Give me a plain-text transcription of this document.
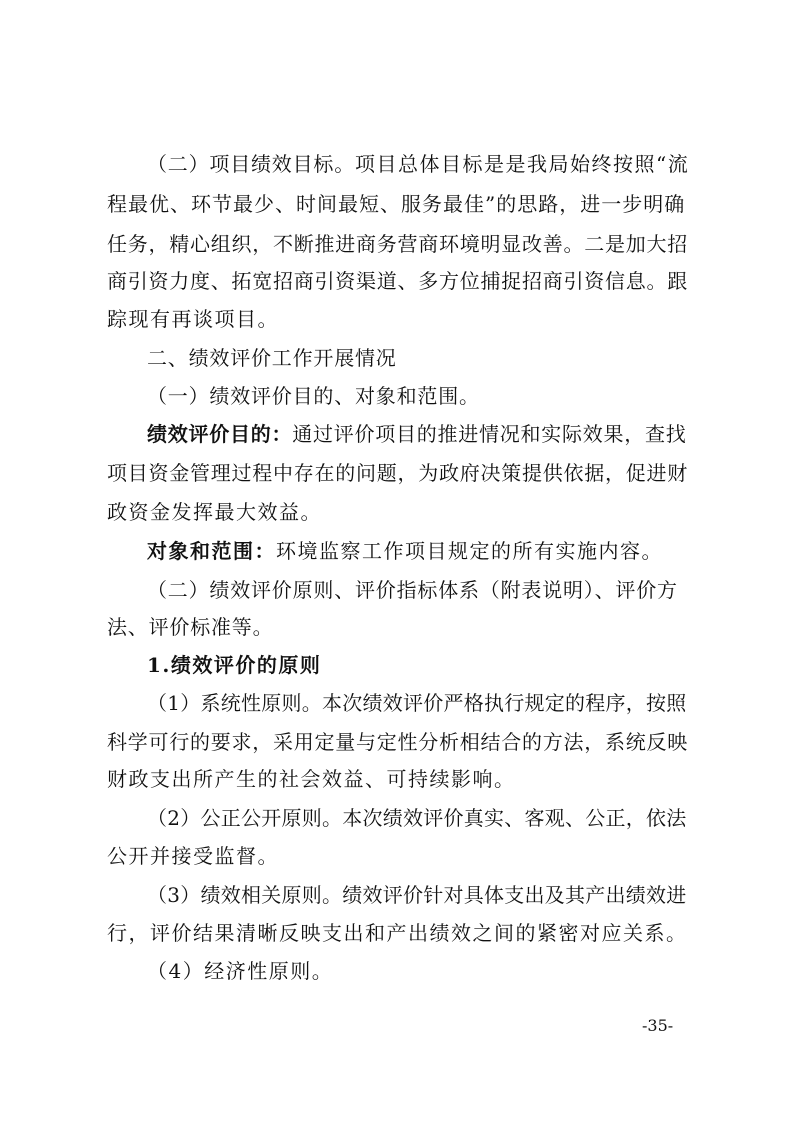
（二）项目绩效目标。项目总体目标是是我局始终按照“流
程最优、环节最少、时间最短、服务最佳”的思路，进一步明确
任务，精心组织，不断推进商务营商环境明显改善。二是加大招
商引资力度、拓宽招商引资渠道、多方位捕捉招商引资信息。跟
踪现有再谈项目。
二、绩效评价工作开展情况
（一）绩效评价目的、对象和范围。
绩效评价目的：通过评价项目的推进情况和实际效果，查找
项目资金管理过程中存在的问题，为政府决策提供依据，促进财
政资金发挥最大效益。
对象和范围：环境监察工作项目规定的所有实施内容。
（二）绩效评价原则、评价指标体系（附表说明）、评价方
法、评价标准等。
1.绩效评价的原则
（1）系统性原则。本次绩效评价严格执行规定的程序，按照
科学可行的要求，采用定量与定性分析相结合的方法，系统反映
财政支出所产生的社会效益、可持续影响。
（2）公正公开原则。本次绩效评价真实、客观、公正，依法
公开并接受监督。
（3）绩效相关原则。绩效评价针对具体支出及其产出绩效进
行，评价结果清晰反映支出和产出绩效之间的紧密对应关系。
（4）经济性原则。
-35-
